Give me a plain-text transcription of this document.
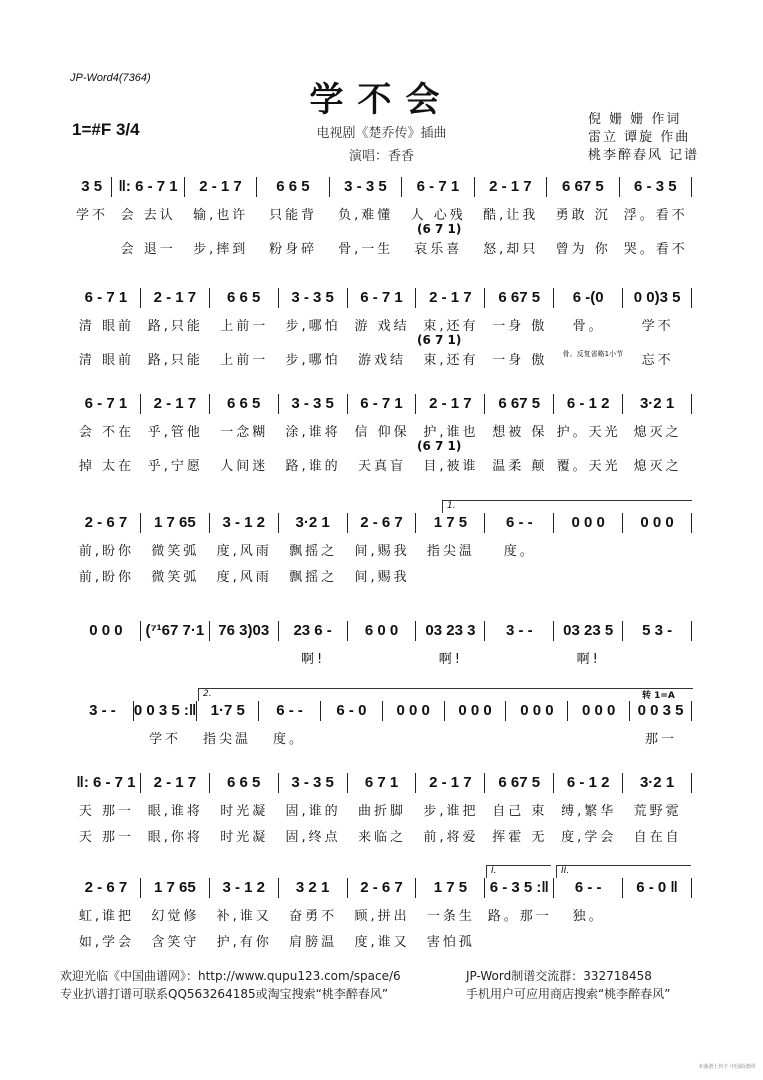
JP-Word4(7364)
学不会
1=#F 3/4	电视剧《楚乔传》插曲
演唱：香香
倪 姗 姗 作词
雷立 谭旋 作曲
桃李醉春风 记谱
3 5	‖: 6 - 7 1	2 - 1 7	6 6 5	3 - 3 5	6 - 7 1	2 - 1 7	6 67 5	6 - 3 5
学不 会 去认	输,也许	只能背	负,难懂	人 心残	酷,让我	勇敢 沉 浮。看不
会 退一	步,摔到	粉身碎	骨,一生	哀乐喜	怒,却只	曾为 你 哭。看不
(6 7 1)
6 - 7 1	2 - 1 7	6 6 5	3 - 3 5	6 - 7 1	2 - 1 7	6 67 5	6 -(0	0 0)3 5
清 眼前	路,只能	上前一	步,哪怕	游 戏结	束,还有	一身 傲	骨。	学不
清 眼前	路,只能	上前一	步,哪怕	游戏结	束,还有	一身 傲	骨。反复省略1小节	忘不
(6 7 1)
6 - 7 1	2 - 1 7	6 6 5	3 - 3 5	6 - 7 1	2 - 1 7	6 67 5	6 - 1 2	3·2 1
会 不在	乎,管他	一念糊	涂,谁将	信 仰保	护,谁也	想被 保 护。天光 熄灭之
掉 太在	乎,宁愿	人间迷	路,谁的	天真盲	目,被谁	温柔 颠 覆。天光 熄灭之
(6 7 1)
2 - 6 7	1 7 65	3 - 1 2	3·2 1	2 - 6 7	1 7 5	6 - -	0 0 0	0 0 0
前,盼你	微笑弧	度,风雨	飘摇之	间,赐我	指尖温	度。
前,盼你	微笑弧	度,风雨	飘摇之	间,赐我
1.
0 0 0	(⁷¹67 7·1 76 3)03	23 6 -	6 0 0	03 23 3	3 - -	03 23 5	5 3 -
啊!	啊!	啊!
3 - -	0 0 3 5 :‖ 1·7 5	6 - -	6 - 0	0 0 0	0 0 0	0 0 0	0 0 0	0 0 3 5
学不	指尖温	度。	那一
2.	转 1=A
‖: 6 - 7 1	2 - 1 7	6 6 5	3 - 3 5	6 7 1	2 - 1 7	6 67 5	6 - 1 2	3·2 1
天 那一	眼,谁将	时光凝	固,谁的	曲折脚	步,谁把	自己 束	缚,繁华	荒野霓
天 那一	眼,你将	时光凝	固,终点	来临之	前,将爱	挥霍 无	度,学会	自在自
2 - 6 7	1 7 65	3 - 1 2	3 2 1	2 - 6 7	1 7 5	6 - 3 5 :‖	6 - -	6 - 0 ‖
虹,谁把	幻觉修	补,谁又	奋勇不	顾,拼出	一条生 路。那一	独。
如,学会	含笑守	护,有你	肩膀温	度,谁又	害怕孤
I.	II.
欢迎光临《中国曲谱网》：http://www.qupu123.com/space/6
专业扒谱打谱可联系QQ563264185或淘宝搜索“桃李醉春风”
JP-Word制谱交流群：332718458
手机用户可应用商店搜索“桃李醉春风”
本曲谱上传于 中国曲谱网
